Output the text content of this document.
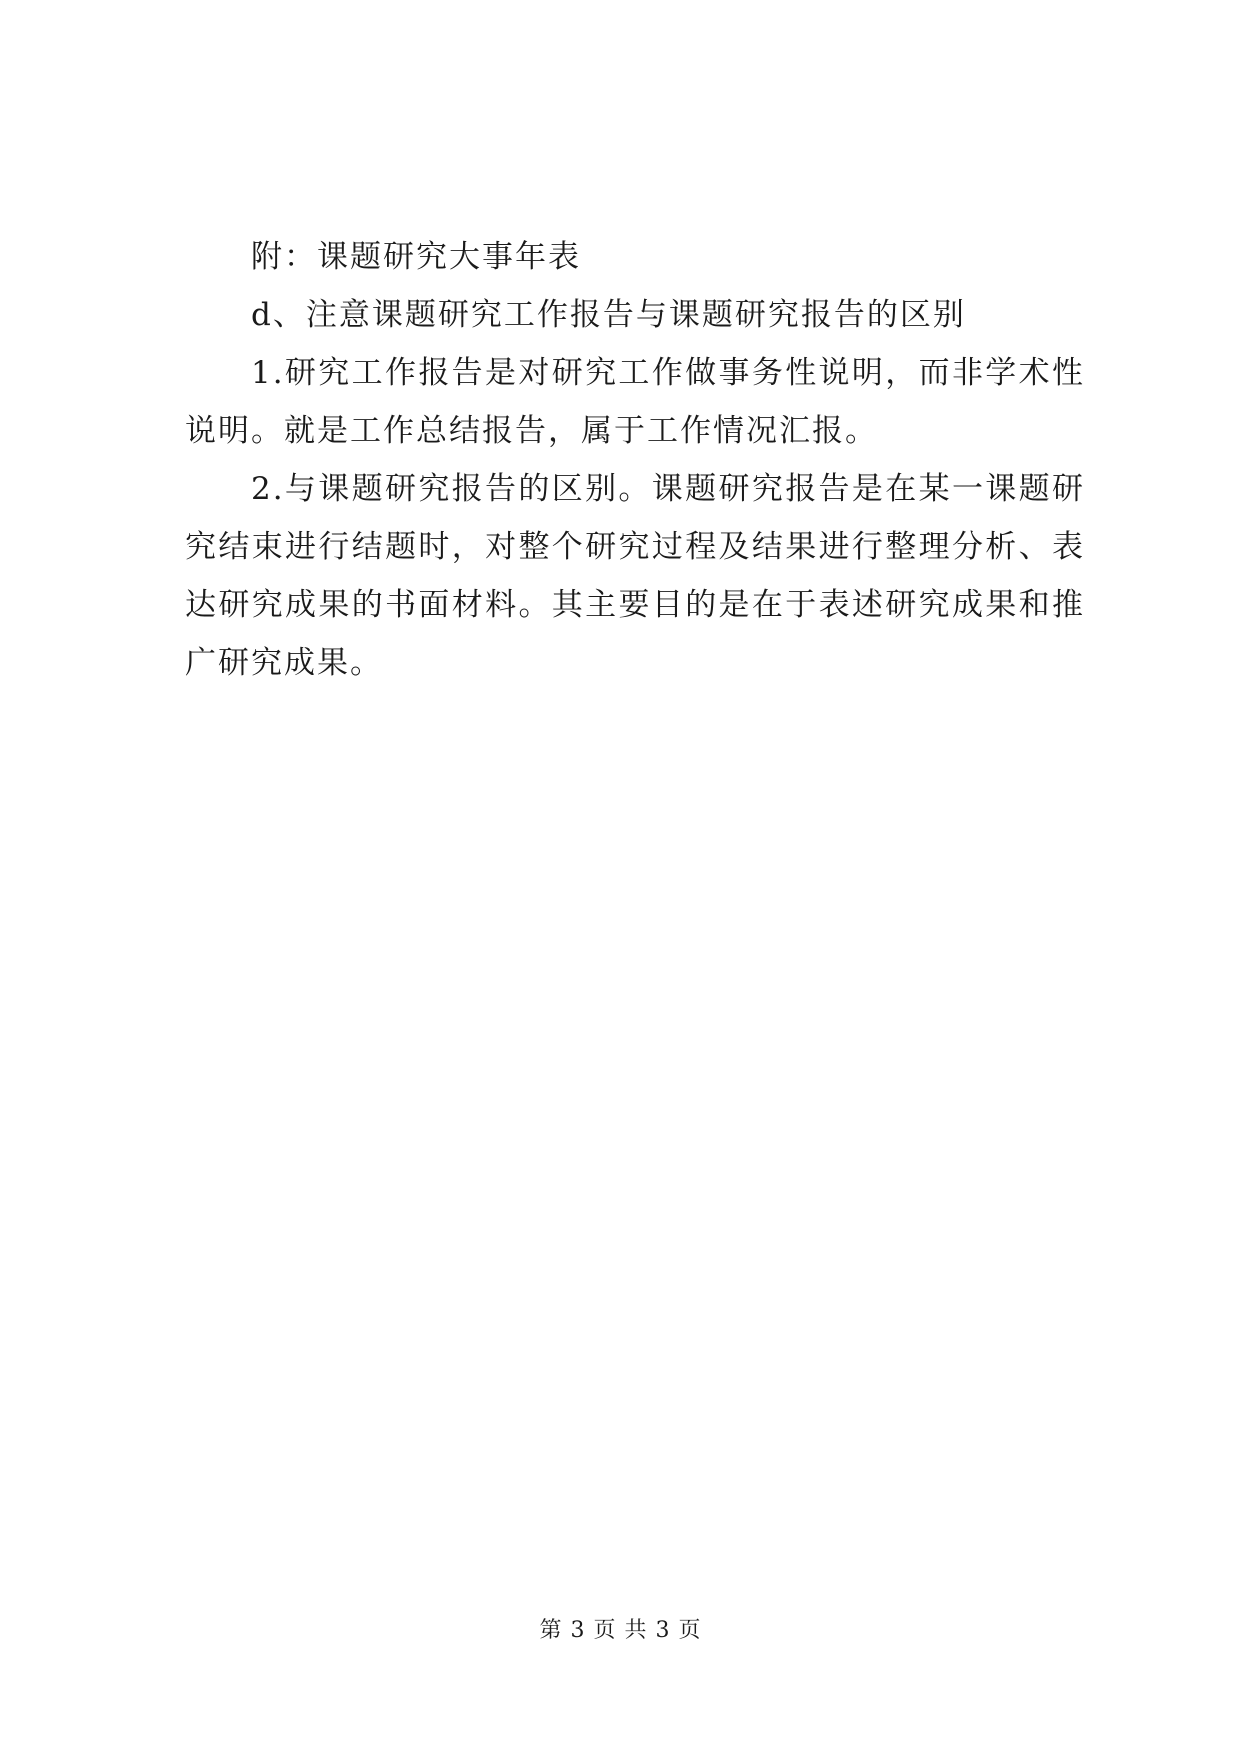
附：课题研究大事年表

d、注意课题研究工作报告与课题研究报告的区别

1.研究工作报告是对研究工作做事务性说明，而非学术性说明。就是工作总结报告，属于工作情况汇报。

2.与课题研究报告的区别。课题研究报告是在某一课题研究结束进行结题时，对整个研究过程及结果进行整理分析、表达研究成果的书面材料。其主要目的是在于表述研究成果和推广研究成果。

第 3 页 共 3 页
